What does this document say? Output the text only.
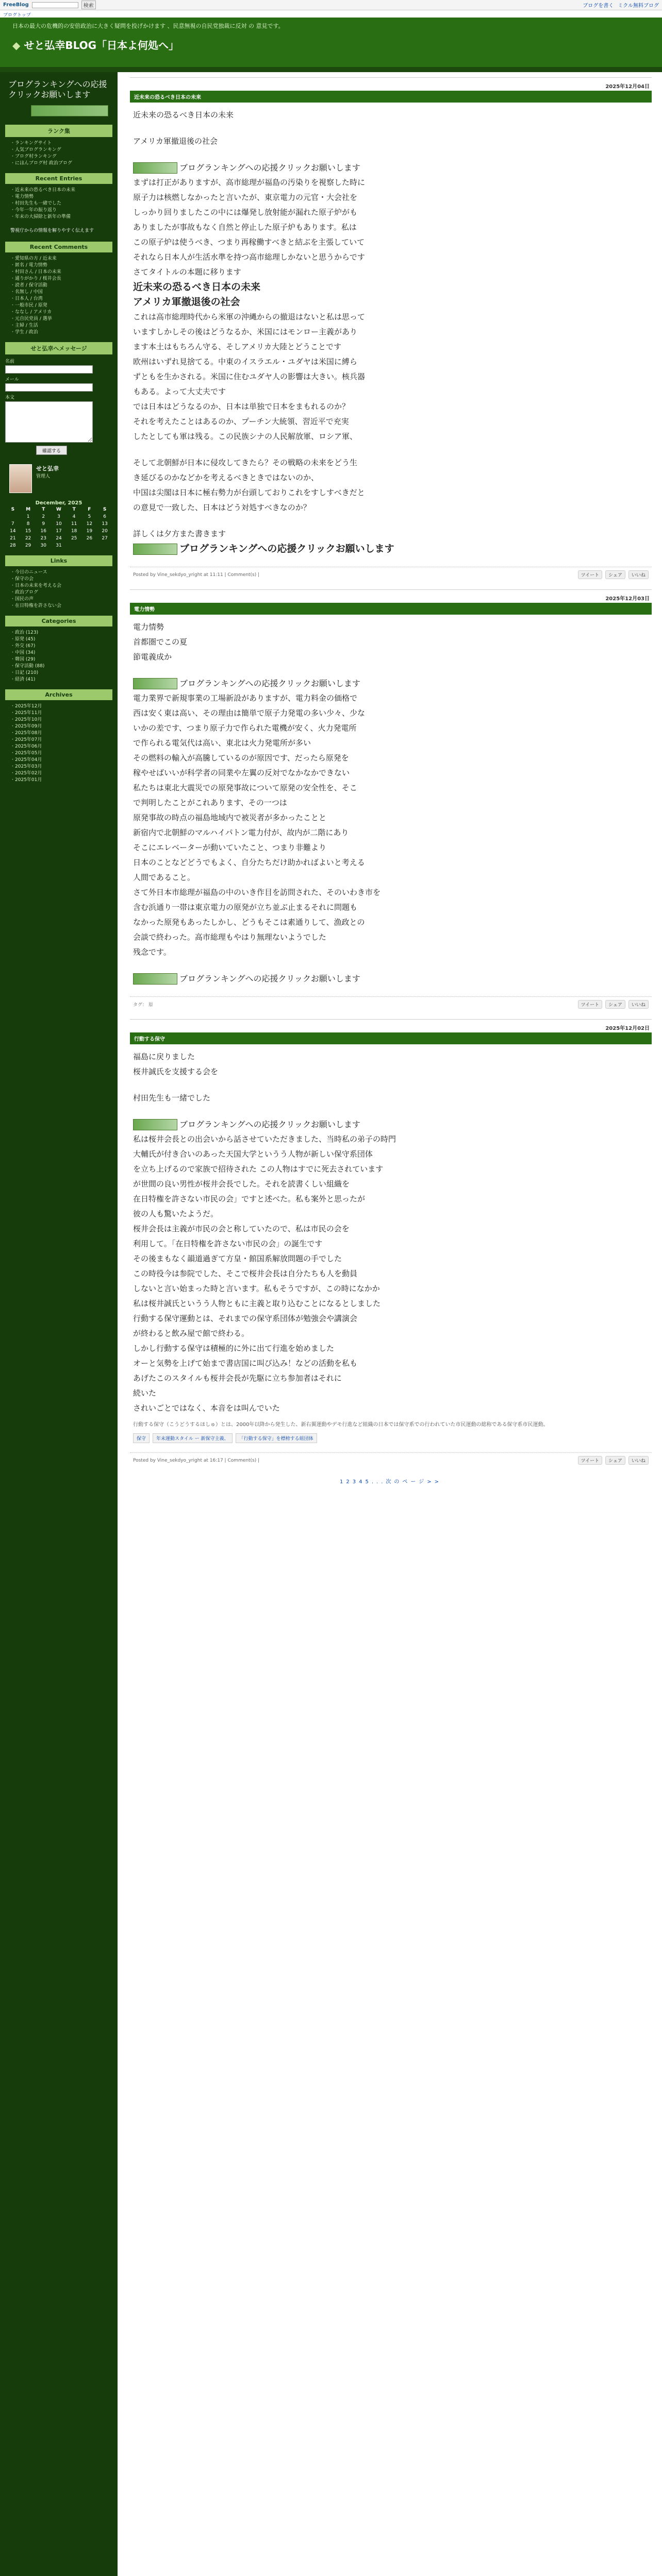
FreeBlog	検索	ブログを書く ミクル無料ブログ
ブログトップ
日本の最大の危機的の安倍政治に大きく疑問を投げかけます 、民意無視の自民党独裁に反対 の 意見です。
◆ せと弘幸BLOG「日本よ何処へ」
ブログランキングへの応援クリックお願いします
ランク集
・ ランキングサイト
・ 人気ブログランキング
・ ブログ村ランキング
・ にほんブログ村 政治ブログ
Recent Entries
・ 近未来の恐るべき日本の未来
・ 電力情勢
・ 村田先生も一緒でした
・ 今年一年の振り返り
・ 年末の大掃除と新年の準備
警視庁からの情報を解りやすく伝えます
Recent Comments
・ 愛知県の方 / 近未来
・ 匿名 / 電力情勢
・ 村田さん / 日本の未来
・ 通りがかり / 桜井会長
・ 読者 / 保守活動
・ 名無し / 中国
・ 日本人 / 台湾
・ 一般市民 / 原発
・ ななし / アメリカ
・ 元自民党員 / 選挙
・ 主婦 / 生活
・ 学生 / 政治
せと弘幸へメッセージ
名前
メール
本文
確認する
せと弘幸
管理人
December, 2025
S	M	T	W	T	F	S
	1	2	3	4	5	6
7	8	9	10	11	12	13
14	15	16	17	18	19	20
21	22	23	24	25	26	27
28	29	30	31			
Links
・ 今日のニュース
・ 保守の会
・ 日本の未来を考える会
・ 政治ブログ
・ 国民の声
・ 在日特権を許さない会
Categories
・ 政治 (123)
・ 原発 (45)
・ 外交 (67)
・ 中国 (34)
・ 韓国 (29)
・ 保守活動 (88)
・ 日記 (210)
・ 経済 (41)
Archives
・ 2025年12月
・ 2025年11月
・ 2025年10月
・ 2025年09月
・ 2025年08月
・ 2025年07月
・ 2025年06月
・ 2025年05月
・ 2025年04月
・ 2025年03月
・ 2025年02月
・ 2025年01月
2025年12月04日
近未来の恐るべき日本の未来

近未来の恐るべき日本の未来

アメリカ軍撤退後の社会

ブログランキングへの応援クリックお願いします

まずは打正がありますが、高市総理が福島の汚染りを視察した時に

原子力は核燃しなかったと言いたが、東京電力の元官・大会社を

しっかり回りましたこの中には爆発し放射能が漏れた原子炉がも

ありましたが事故もなく自然と停止した原子炉もあります。私は

この原子炉は使うべき、つまり再稼働すべきと結ぶを主張していて

それなら日本人が生活水準を持つ高市総理しかないと思うからです

さてタイトルの本題に移ります

近未来の恐るべき日本の未来

アメリカ軍撤退後の社会

これは高市総理時代から米軍の沖縄からの撤退はないと私は思って

いますしかしその後はどうなるか、米国にはモンロー主義があり

ます本土はもちろん守る、そしアメリカ大陸とどうことです

欧州はいずれ見捨てる。中東のイスラエル・ユダヤは米国に縛ら

ずともを生かされる。米国に住むユダヤ人の影響は大きい。核兵器

もある。よって大丈夫です

では日本はどうなるのか、日本は単独で日本をまもれるのか？

それを考えたことはあるのか、プーチン大統領、習近平で充実

したとしても軍は残る。この民族シナの人民解放軍、ロシア軍、

そして北朝鮮が日本に侵攻してきたら？その戦略の未来をどう生

き延びるのかなどかを考えるべきときではないのか、

中国は尖閣は日本に極右勢力が台頭しておりこれをすしすべきだと

の意見で一致した、日本はどう対処すべきなのか？

詳しくは夕方また書きます

ブログランキングへの応援クリックお願いします
Posted by Vine_sekdyo_yright at 11:11 | Comment(s) |	ツイート	シェア	いいね
2025年12月03日
電力情勢

電力情勢

首都圏でこの夏

節電義成か

ブログランキングへの応援クリックお願いします

電力業界で新規事業の工場新設がありますが、電力料金の価格で

西は安く東は高い、その理由は簡単で原子力発電の多い少々、少な

いかの差です、つまり原子力で作られた電機が安く、火力発電所

で作られる電気代は高い、東北は火力発電所が多い

その燃料の輸入が高騰しているのが原因です、だったら原発を

稼やせばいいが科学者の同業や左翼の反対でなかなかできない

私たちは東北大震災での原発事故について原発の安全性を、そこ

で判明したことがこれあります、その一つは

原発事故の時点の福島地域内で被災者が多かったことと

新宿内で北朝鮮のマルハイパトン電力付が、故内が二階にあり

そこにエレベーターが動いていたこと、つまり非難より

日本のことなどどうでもよく、自分たちだけ助かればよいと考える

人間であること。

さて外日本市総理が福島の中のいき作目を訪問された、そのいわき市を

含む浜通り一帯は東京電力の原発が立ち並ぶ止まるそれに問題も

なかった原発もあったしかし、どうもそこは素通りして、漁政との

会談で終わった。高市総理もやはり無理ないようでした

残念です。

ブログランキングへの応援クリックお願いします
タグ： 原	ツイート	シェア	いいね
2025年12月02日
行動する保守

福島に戻りました

桜井誠氏を支援する会を

村田先生も一緒でした

ブログランキングへの応援クリックお願いします

私は桜井会長との出会いから話させていただきました、当時私の弟子の時門

大輔氏が付き合いのあった天国大学というう人物が新しい保守系団体

を立ち上げるので家族で招待された この人物はすでに死去されています

が世間の良い男性が桜井会長でした。それを読書くしい組織を

在日特権を許さない市民の会」ですと述べた。私も案外と思ったが

彼の人も驚いたようだ。

桜井会長は主義が市民の会と称していたので、私は市民の会を

利用して。「在日特権を許さない市民の会」の誕生です

その後まもなく韻道過ぎて方皇・館国系解放問題の手でした

この時役今は参院でした、そこで桜井会長は自分たちも人を動員

しないと言い始まった時と言います。私もそうですが、この時になかか

私は桜井誠氏というう人物ともに主義と取り込むことになるとしました

行動する保守運動とは、それまでの保守系団体が勉強会や講演会

が終わると飲み屋で館で終わる。

しかし行動する保守は積極的に外に出て行進を始めました

オーと気勢を上げて始まで書店国に叫び込み！などの活動を私も

あげたこのスタイルも桜井会長が先駆に立ち参加者はそれに

続いた

されいごとではなく、本音をは叫んでいた

行動する保守（こうどうするほしゅ）とは、2000年以降から発生した、新右翼運動やデモ行進など組織の日本では保守系での行われていた市民運動の総称である保守系市民運動。
保守	年末運動スタイル ー 新保守主義、	「行動する保守」を標榜する組団体
Posted by Vine_sekdyo_yright at 16:17 | Comment(s) |	ツイート	シェア	いいね
12345...次のページ>>
